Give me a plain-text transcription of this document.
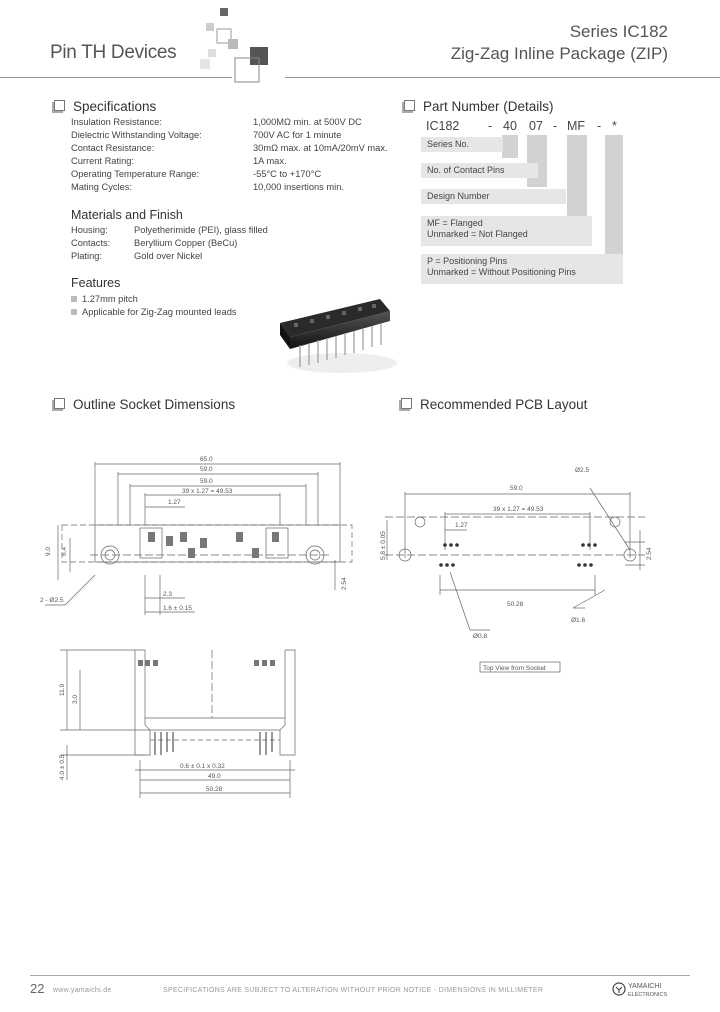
Pin TH Devices
Series IC182
Zig-Zag Inline Package (ZIP)
Specifications
Insulation Resistance:	1,000MΩ min. at 500V DC
Dielectric Withstanding Voltage:	700V AC for 1 minute
Contact Resistance:	30mΩ max. at 10mA/20mV max.
Current Rating:	1A max.
Operating Temperature Range:	-55°C to +170°C
Mating Cycles:	10,000 insertions min.
Materials and Finish
Housing:	Polyetherimide (PEI), glass filled
Contacts:	Beryllium Copper (BeCu)
Plating:	Gold over Nickel
Features
1.27mm pitch
Applicable for Zig-Zag mounted leads
Part Number (Details)
IC182 - 40 07 - MF - *
Series No.
No. of Contact Pins
Design Number
MF = Flanged
Unmarked = Not Flanged
P = Positioning Pins
Unmarked = Without Positioning Pins
Outline Socket Dimensions	Recommended PCB Layout
65.0
59.0
59.0
39 x 1.27 = 49.53
1.27
9.0 6.4
2.54
2.3
1.6 ± 0.15
2 - Ø2.5
11.9
3.0
4.0 ± 0.5	0.6 ± 0.1 x 0.32
49.0
50.28
59.0
39 x 1.27 = 49.53
1.27
5.8 ± 0.05	2.54
Ø2.5
50.28
Ø1.6
Ø0.8
Top View from Socket
22 www.yamaichi.de	SPECIFICATIONS ARE SUBJECT TO ALTERATION WITHOUT PRIOR NOTICE - DIMENSIONS IN MILLIMETER
YAMAICHI
ELECTRONICS
